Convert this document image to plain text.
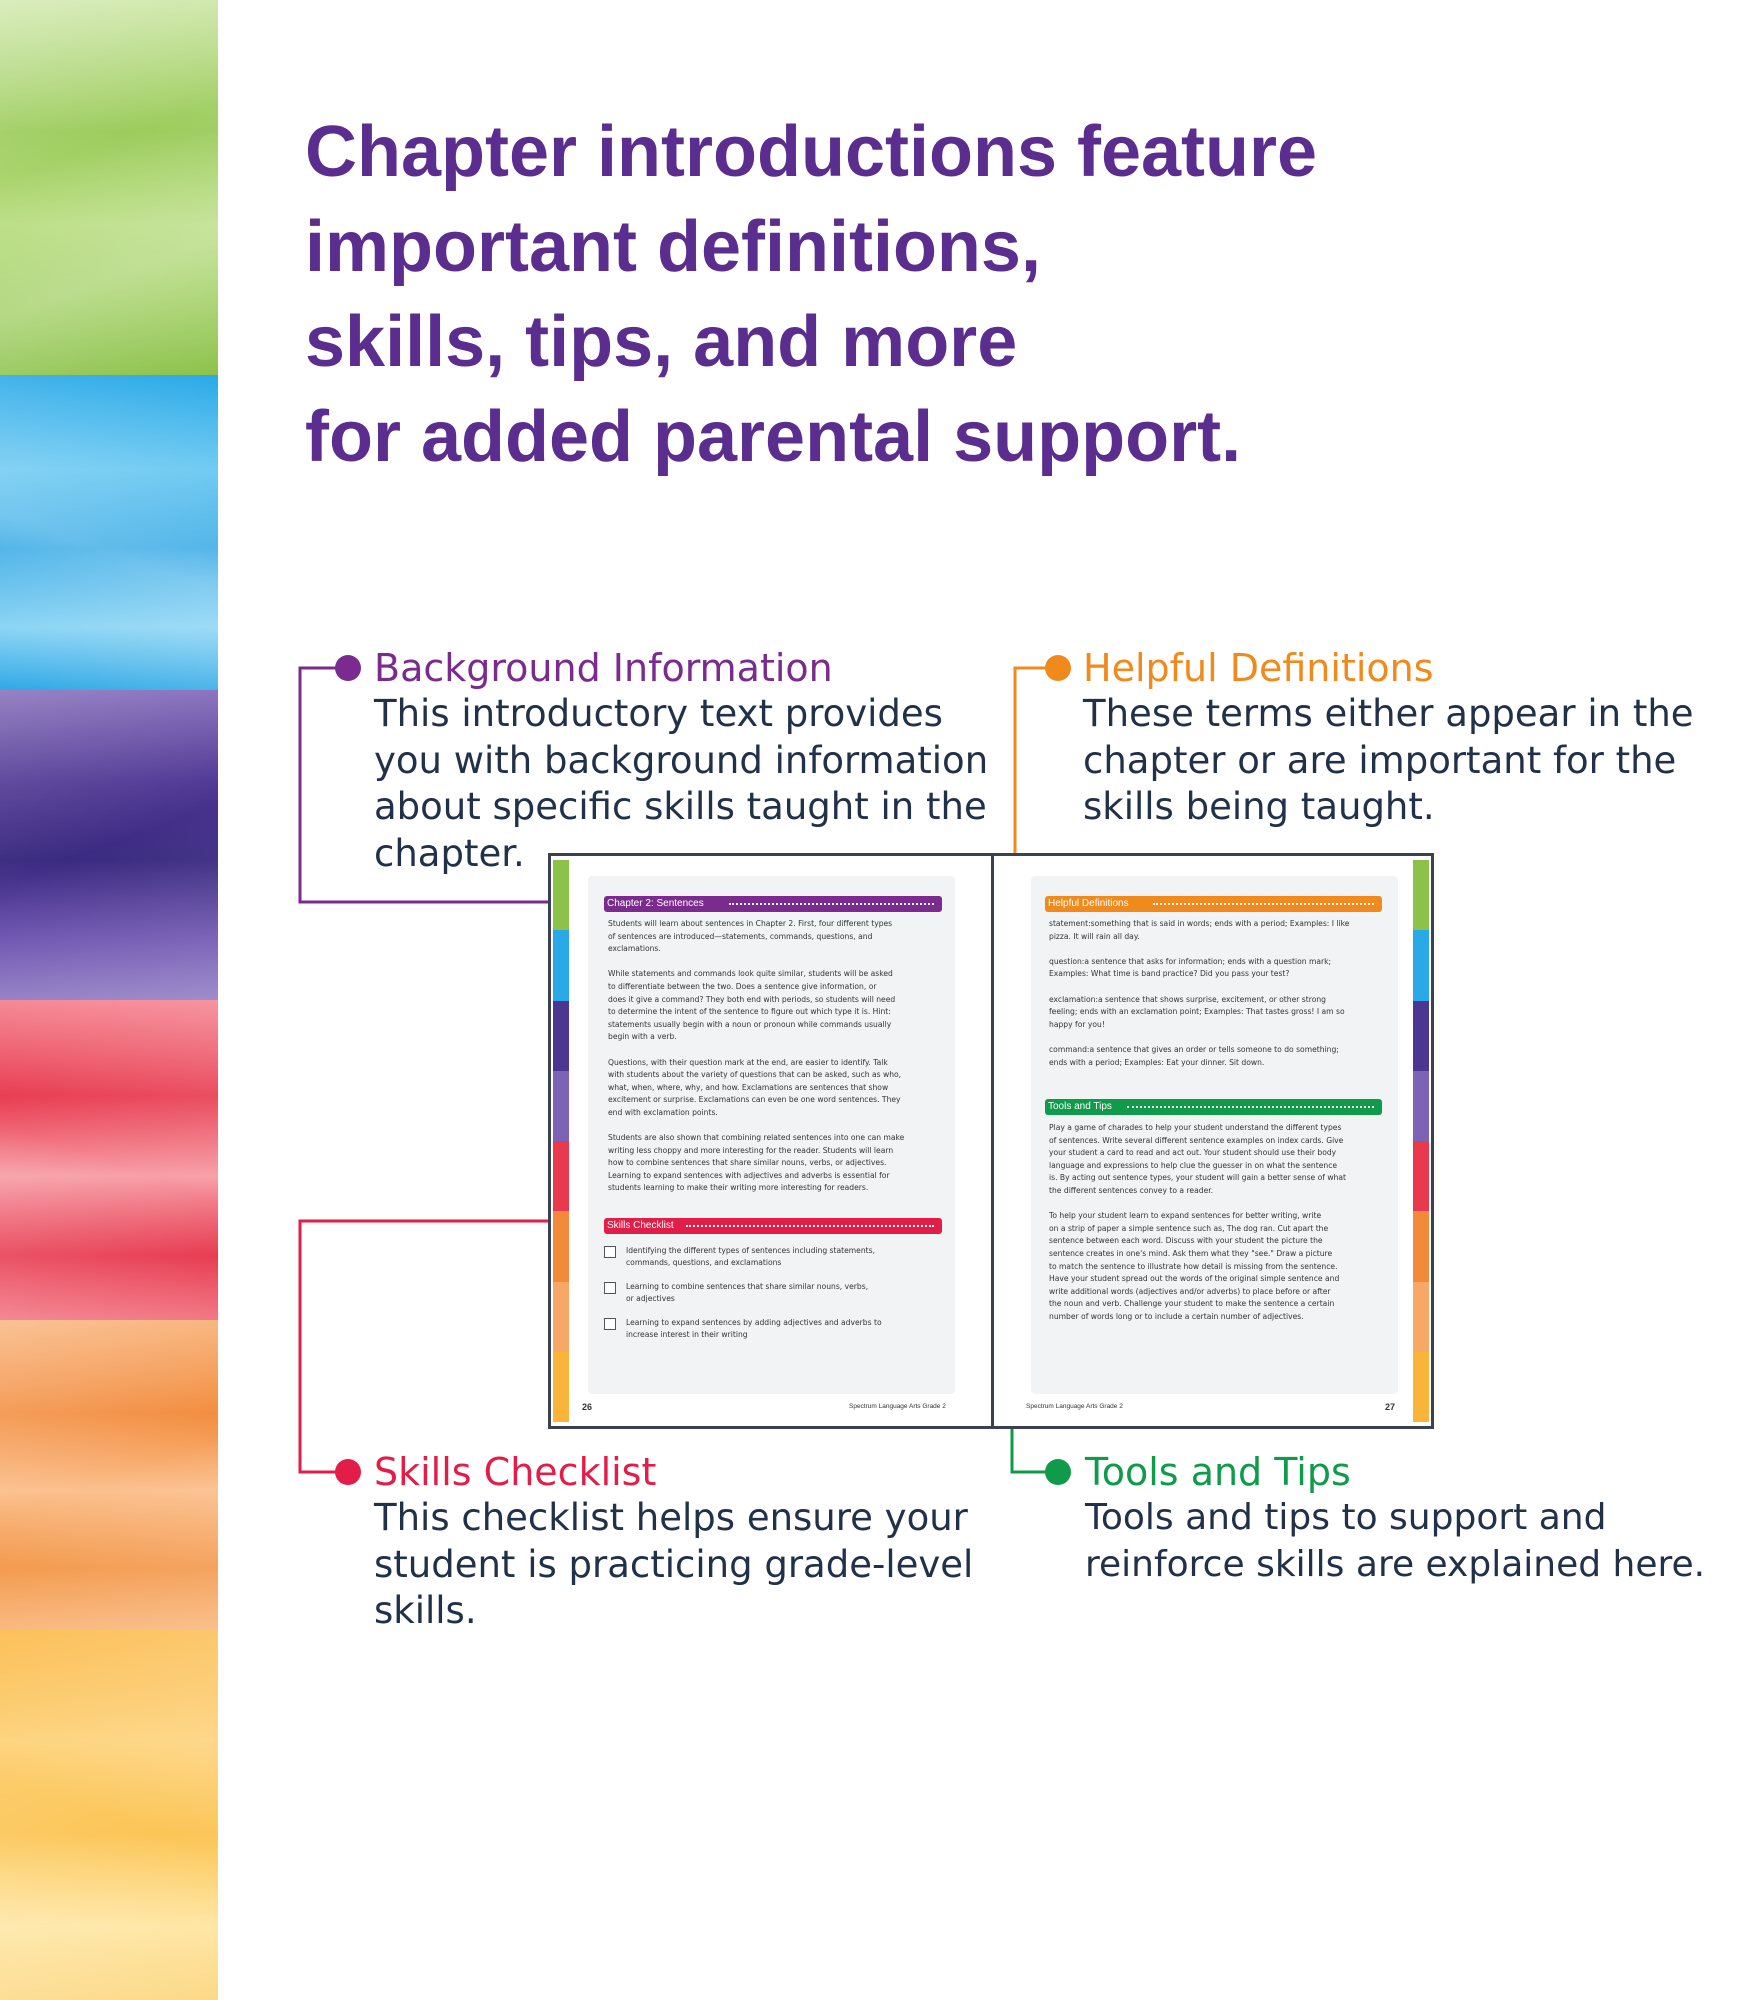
Chapter introductions feature
important definitions,
skills, tips, and more
for added parental support.
Background Information
This introductory text provides
you with background information
about specific skills taught in the
chapter.
Helpful Definitions
These terms either appear in the
chapter or are important for the
skills being taught.
Skills Checklist
This checklist helps ensure your
student is practicing grade-level
skills.
Tools and Tips
Tools and tips to support and
reinforce skills are explained here.
Chapter 2: Sentences

Students will learn about sentences in Chapter 2. First, four different types
of sentences are introduced—statements, commands, questions, and
exclamations.

While statements and commands look quite similar, students will be asked
to differentiate between the two. Does a sentence give information, or
does it give a command? They both end with periods, so students will need
to determine the intent of the sentence to figure out which type it is. Hint:
statements usually begin with a noun or pronoun while commands usually
begin with a verb.

Questions, with their question mark at the end, are easier to identify. Talk
with students about the variety of questions that can be asked, such as who,
what, when, where, why, and how. Exclamations are sentences that show
excitement or surprise. Exclamations can even be one word sentences. They
end with exclamation points.

Students are also shown that combining related sentences into one can make
writing less choppy and more interesting for the reader. Students will learn
how to combine sentences that share similar nouns, verbs, or adjectives.
Learning to expand sentences with adjectives and adverbs is essential for
students learning to make their writing more interesting for readers.

Skills Checklist
Identifying the different types of sentences including statements,
commands, questions, and exclamations
Learning to combine sentences that share similar nouns, verbs,
or adjectives
Learning to expand sentences by adding adjectives and adverbs to
increase interest in their writing
26	Spectrum Language Arts Grade 2
Helpful Definitions

statement:something that is said in words; ends with a period; Examples: I like
pizza. It will rain all day.

question:a sentence that asks for information; ends with a question mark;
Examples: What time is band practice? Did you pass your test?

exclamation:a sentence that shows surprise, excitement, or other strong
feeling; ends with an exclamation point; Examples: That tastes gross! I am so
happy for you!

command:a sentence that gives an order or tells someone to do something;
ends with a period; Examples: Eat your dinner. Sit down.

Tools and Tips

Play a game of charades to help your student understand the different types
of sentences. Write several different sentence examples on index cards. Give
your student a card to read and act out. Your student should use their body
language and expressions to help clue the guesser in on what the sentence
is. By acting out sentence types, your student will gain a better sense of what
the different sentences convey to a reader.

To help your student learn to expand sentences for better writing, write
on a strip of paper a simple sentence such as, The dog ran. Cut apart the
sentence between each word. Discuss with your student the picture the
sentence creates in one's mind. Ask them what they "see." Draw a picture
to match the sentence to illustrate how detail is missing from the sentence.
Have your student spread out the words of the original simple sentence and
write additional words (adjectives and/or adverbs) to place before or after
the noun and verb. Challenge your student to make the sentence a certain
number of words long or to include a certain number of adjectives.

Spectrum Language Arts Grade 2	27
